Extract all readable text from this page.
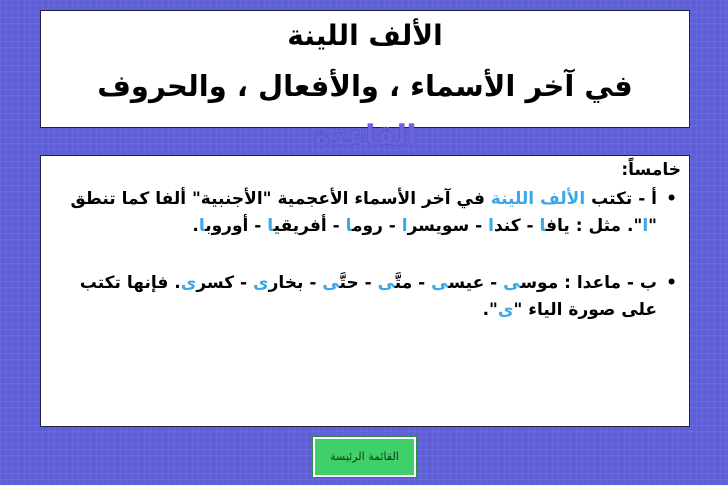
الألف اللينة
في آخر الأسماء ، والأفعال ، والحروف
القاعدة
خامساً:
•
أ - تكتب الألف اللينة في آخر الأسماء الأعجمية "الأجنبية" ألفا كما تنطق "ا". مثل : يافا - كندا - سويسرا - روما - أفريقيا - أوروبا.
•
ب - ماعدا : موسى - عيسى - متَّى - حتَّى - بخارى - كسرى. فإنها تكتب على صورة الياء "ى".
القائمة الرئيسة
